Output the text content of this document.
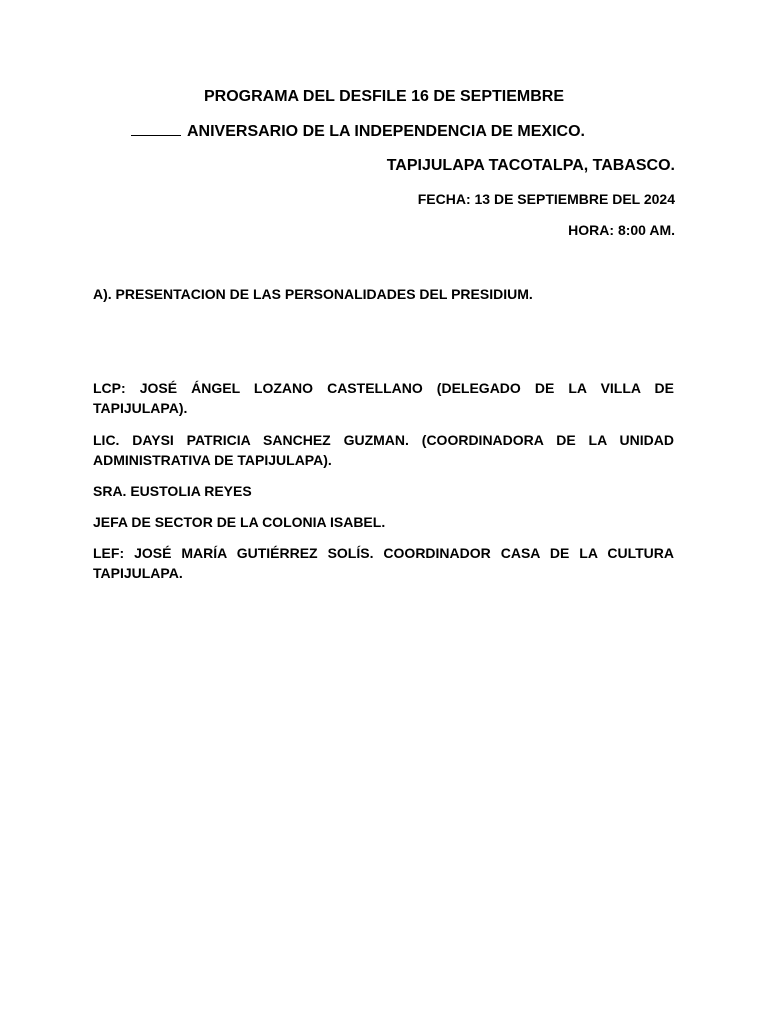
PROGRAMA DEL DESFILE 16 DE SEPTIEMBRE
ANIVERSARIO DE LA INDEPENDENCIA DE MEXICO.
TAPIJULAPA TACOTALPA, TABASCO.
FECHA: 13 DE SEPTIEMBRE DEL 2024
HORA: 8:00 AM.
A). PRESENTACION DE LAS PERSONALIDADES DEL PRESIDIUM.
LCP: JOSÉ ÁNGEL LOZANO CASTELLANO (DELEGADO DE LA VILLA DE TAPIJULAPA).
LIC. DAYSI PATRICIA SANCHEZ GUZMAN. (COORDINADORA DE LA UNIDAD ADMINISTRATIVA DE TAPIJULAPA).
SRA. EUSTOLIA REYES
JEFA DE SECTOR DE LA COLONIA ISABEL.
LEF: JOSÉ MARÍA GUTIÉRREZ SOLÍS. COORDINADOR CASA DE LA CULTURA TAPIJULAPA.
